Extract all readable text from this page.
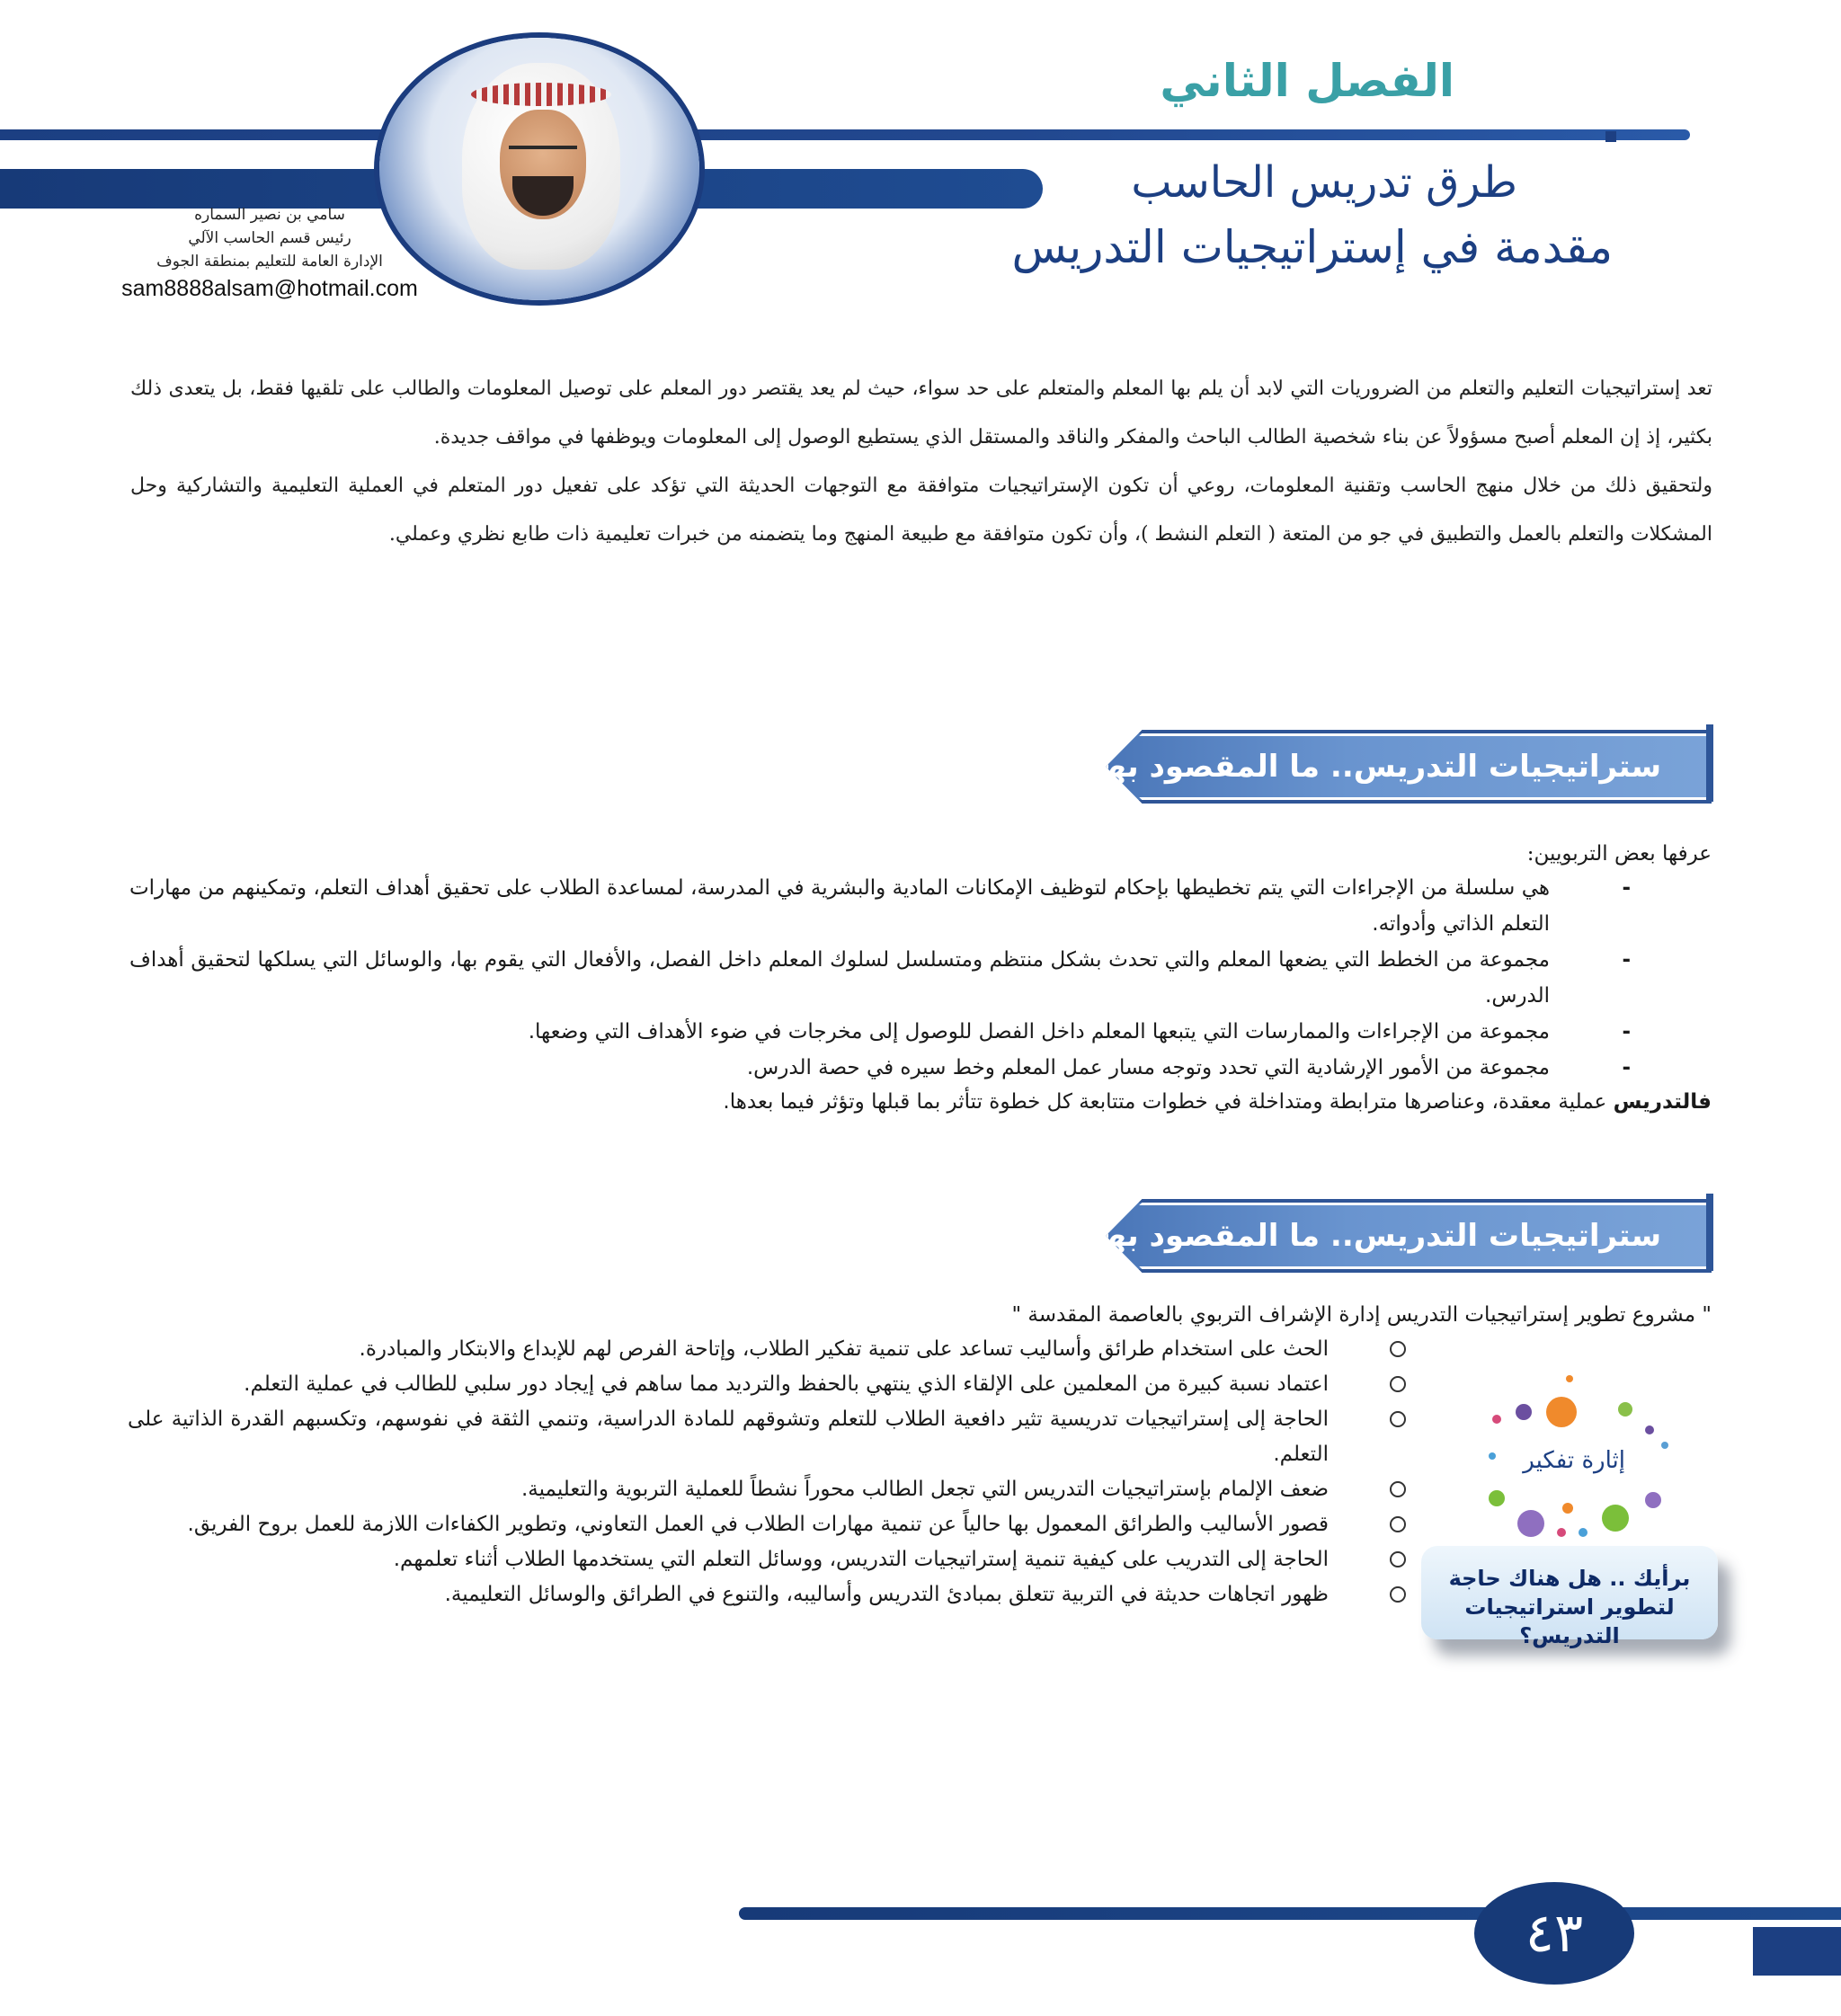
سامي بن نصير السماره
رئيس قسم الحاسب الآلي
الإدارة العامة للتعليم بمنطقة الجوف
sam8888alsam@hotmail.com
الفصل الثاني
طرق تدريس الحاسب
مقدمة في إستراتيجيات التدريس

تعد إستراتيجيات التعليم والتعلم من الضروريات التي لابد أن يلم بها المعلم والمتعلم على حد سواء، حيث لم يعد يقتصر دور المعلم على توصيل المعلومات والطالب على تلقيها فقط، بل يتعدى ذلك بكثير، إذ إن المعلم أصبح مسؤولاً عن بناء شخصية الطالب الباحث والمفكر والناقد والمستقل الذي يستطيع الوصول إلى المعلومات ويوظفها في مواقف جديدة.

ولتحقيق ذلك من خلال منهج الحاسب وتقنية المعلومات، روعي أن تكون الإستراتيجيات متوافقة مع التوجهات الحديثة التي تؤكد على تفعيل دور المتعلم في العملية التعليمية والتشاركية وحل المشكلات والتعلم بالعمل والتطبيق في جو من المتعة ( التعلم النشط )، وأن تكون متوافقة مع طبيعة المنهج وما يتضمنه من خبرات تعليمية ذات طابع نظري وعملي.

ستراتيجيات التدريس.. ما المقصود بها؟!
عرفها بعض التربويين:
-
هي سلسلة من الإجراءات التي يتم تخطيطها بإحكام لتوظيف الإمكانات المادية والبشرية في المدرسة، لمساعدة الطلاب على تحقيق أهداف التعلم، وتمكينهم من مهارات التعلم الذاتي وأدواته.
-
مجموعة من الخطط التي يضعها المعلم والتي تحدث بشكل منتظم ومتسلسل لسلوك المعلم داخل الفصل، والأفعال التي يقوم بها، والوسائل التي يسلكها لتحقيق أهداف الدرس.
-
مجموعة من الإجراءات والممارسات التي يتبعها المعلم داخل الفصل للوصول إلى مخرجات في ضوء الأهداف التي وضعها.
-
مجموعة من الأمور الإرشادية التي تحدد وتوجه مسار عمل المعلم وخط سيره في حصة الدرس.
فالتدريس عملية معقدة، وعناصرها مترابطة ومتداخلة في خطوات متتابعة كل خطوة تتأثر بما قبلها وتؤثر فيما بعدها.
ستراتيجيات التدريس.. ما المقصود بها؟!
" مشروع تطوير إستراتيجيات التدريس إدارة الإشراف التربوي بالعاصمة المقدسة "
الحث على استخدام طرائق وأساليب تساعد على تنمية تفكير الطلاب، وإتاحة الفرص لهم للإبداع والابتكار والمبادرة.
اعتماد نسبة كبيرة من المعلمين على الإلقاء الذي ينتهي بالحفظ والترديد مما ساهم في إيجاد دور سلبي للطالب في عملية التعلم.
الحاجة إلى إستراتيجيات تدريسية تثير دافعية الطلاب للتعلم وتشوقهم للمادة الدراسية، وتنمي الثقة في نفوسهم، وتكسبهم القدرة الذاتية على التعلم.
ضعف الإلمام بإستراتيجيات التدريس التي تجعل الطالب محوراً نشطاً للعملية التربوية والتعليمية.
قصور الأساليب والطرائق المعمول بها حالياً عن تنمية مهارات الطلاب في العمل التعاوني، وتطوير الكفاءات اللازمة للعمل بروح الفريق.
الحاجة إلى التدريب على كيفية تنمية إستراتيجيات التدريس، ووسائل التعلم التي يستخدمها الطلاب أثناء تعلمهم.
ظهور اتجاهات حديثة في التربية تتعلق بمبادئ التدريس وأساليبه، والتنوع في الطرائق والوسائل التعليمية.
إثارة تفكير
برأيك .. هل هناك حاجة لتطوير استراتيجيات التدريس؟
٤٣
